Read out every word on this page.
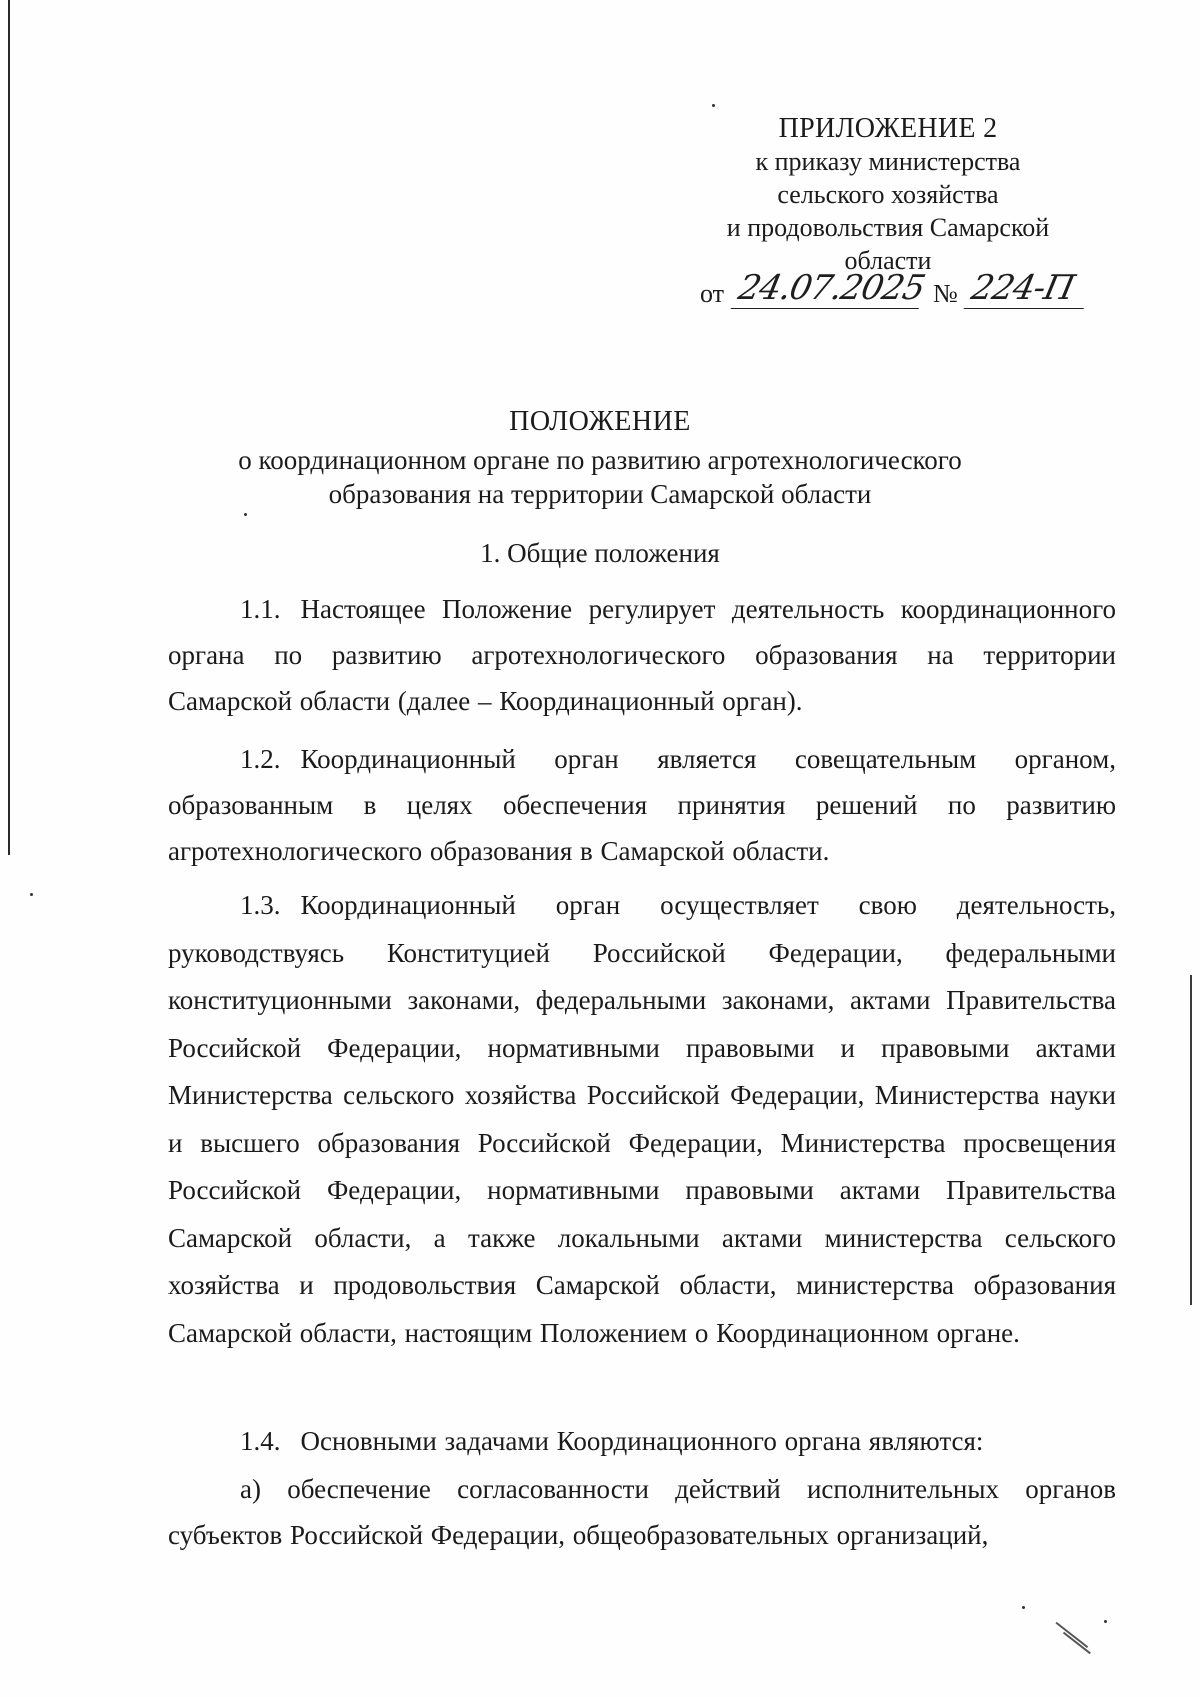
ПРИЛОЖЕНИЕ 2
к приказу министерства
сельского хозяйства
и продовольствия Самарской
области
от 24.07.2025 № 224-П
ПОЛОЖЕНИЕ
о координационном органе по развитию агротехнологического образования на территории Самарской области
1. Общие положения
1.1. Настоящее Положение регулирует деятельность координационного органа по развитию агротехнологического образования на территории Самарской области (далее – Координационный орган).
1.2. Координационный орган является совещательным органом, образованным в целях обеспечения принятия решений по развитию агротехнологического образования в Самарской области.
1.3. Координационный орган осуществляет свою деятельность, руководствуясь Конституцией Российской Федерации, федеральными конституционными законами, федеральными законами, актами Правительства Российской Федерации, нормативными правовыми и правовыми актами Министерства сельского хозяйства Российской Федерации, Министерства науки и высшего образования Российской Федерации, Министерства просвещения Российской Федерации, нормативными правовыми актами Правительства Самарской области, а также локальными актами министерства сельского хозяйства и продовольствия Самарской области, министерства образования Самарской области, настоящим Положением о Координационном органе.
1.4. Основными задачами Координационного органа являются:
а) обеспечение согласованности действий исполнительных органов субъектов Российской Федерации, общеобразовательных организаций,
